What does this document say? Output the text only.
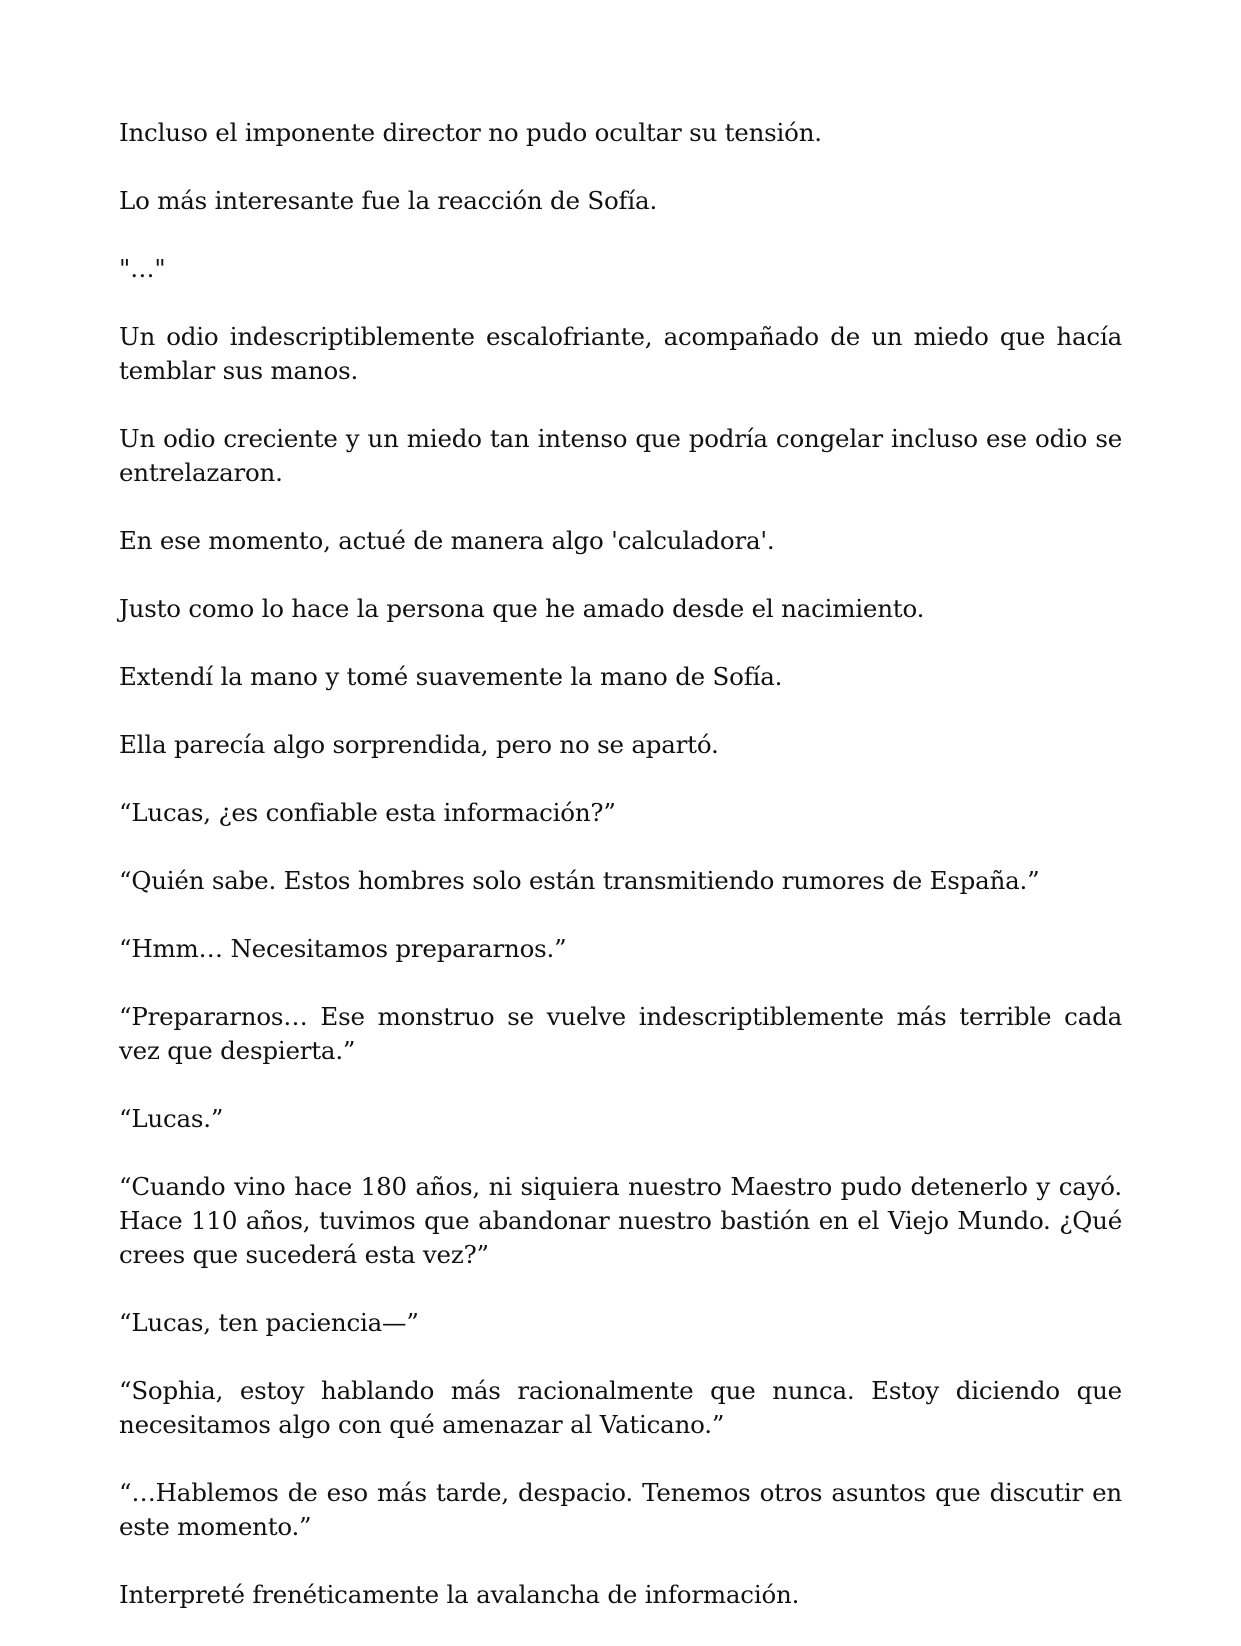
Incluso el imponente director no pudo ocultar su tensión.

Lo más interesante fue la reacción de Sofía.

"…"

Un odio indescriptiblemente escalofriante, acompañado de un miedo que hacía temblar sus manos.

Un odio creciente y un miedo tan intenso que podría congelar incluso ese odio se entrelazaron.

En ese momento, actué de manera algo 'calculadora'.

Justo como lo hace la persona que he amado desde el nacimiento.

Extendí la mano y tomé suavemente la mano de Sofía.

Ella parecía algo sorprendida, pero no se apartó.

“Lucas, ¿es confiable esta información?”

“Quién sabe. Estos hombres solo están transmitiendo rumores de España.”

“Hmm… Necesitamos prepararnos.”

“Prepararnos… Ese monstruo se vuelve indescriptiblemente más terrible cada vez que despierta.”

“Lucas.”

“Cuando vino hace 180 años, ni siquiera nuestro Maestro pudo detenerlo y cayó. Hace 110 años, tuvimos que abandonar nuestro bastión en el Viejo Mundo. ¿Qué crees que sucederá esta vez?”

“Lucas, ten paciencia—”

“Sophia, estoy hablando más racionalmente que nunca. Estoy diciendo que necesitamos algo con qué amenazar al Vaticano.”

“…Hablemos de eso más tarde, despacio. Tenemos otros asuntos que discutir en este momento.”

Interpreté frenéticamente la avalancha de información.
